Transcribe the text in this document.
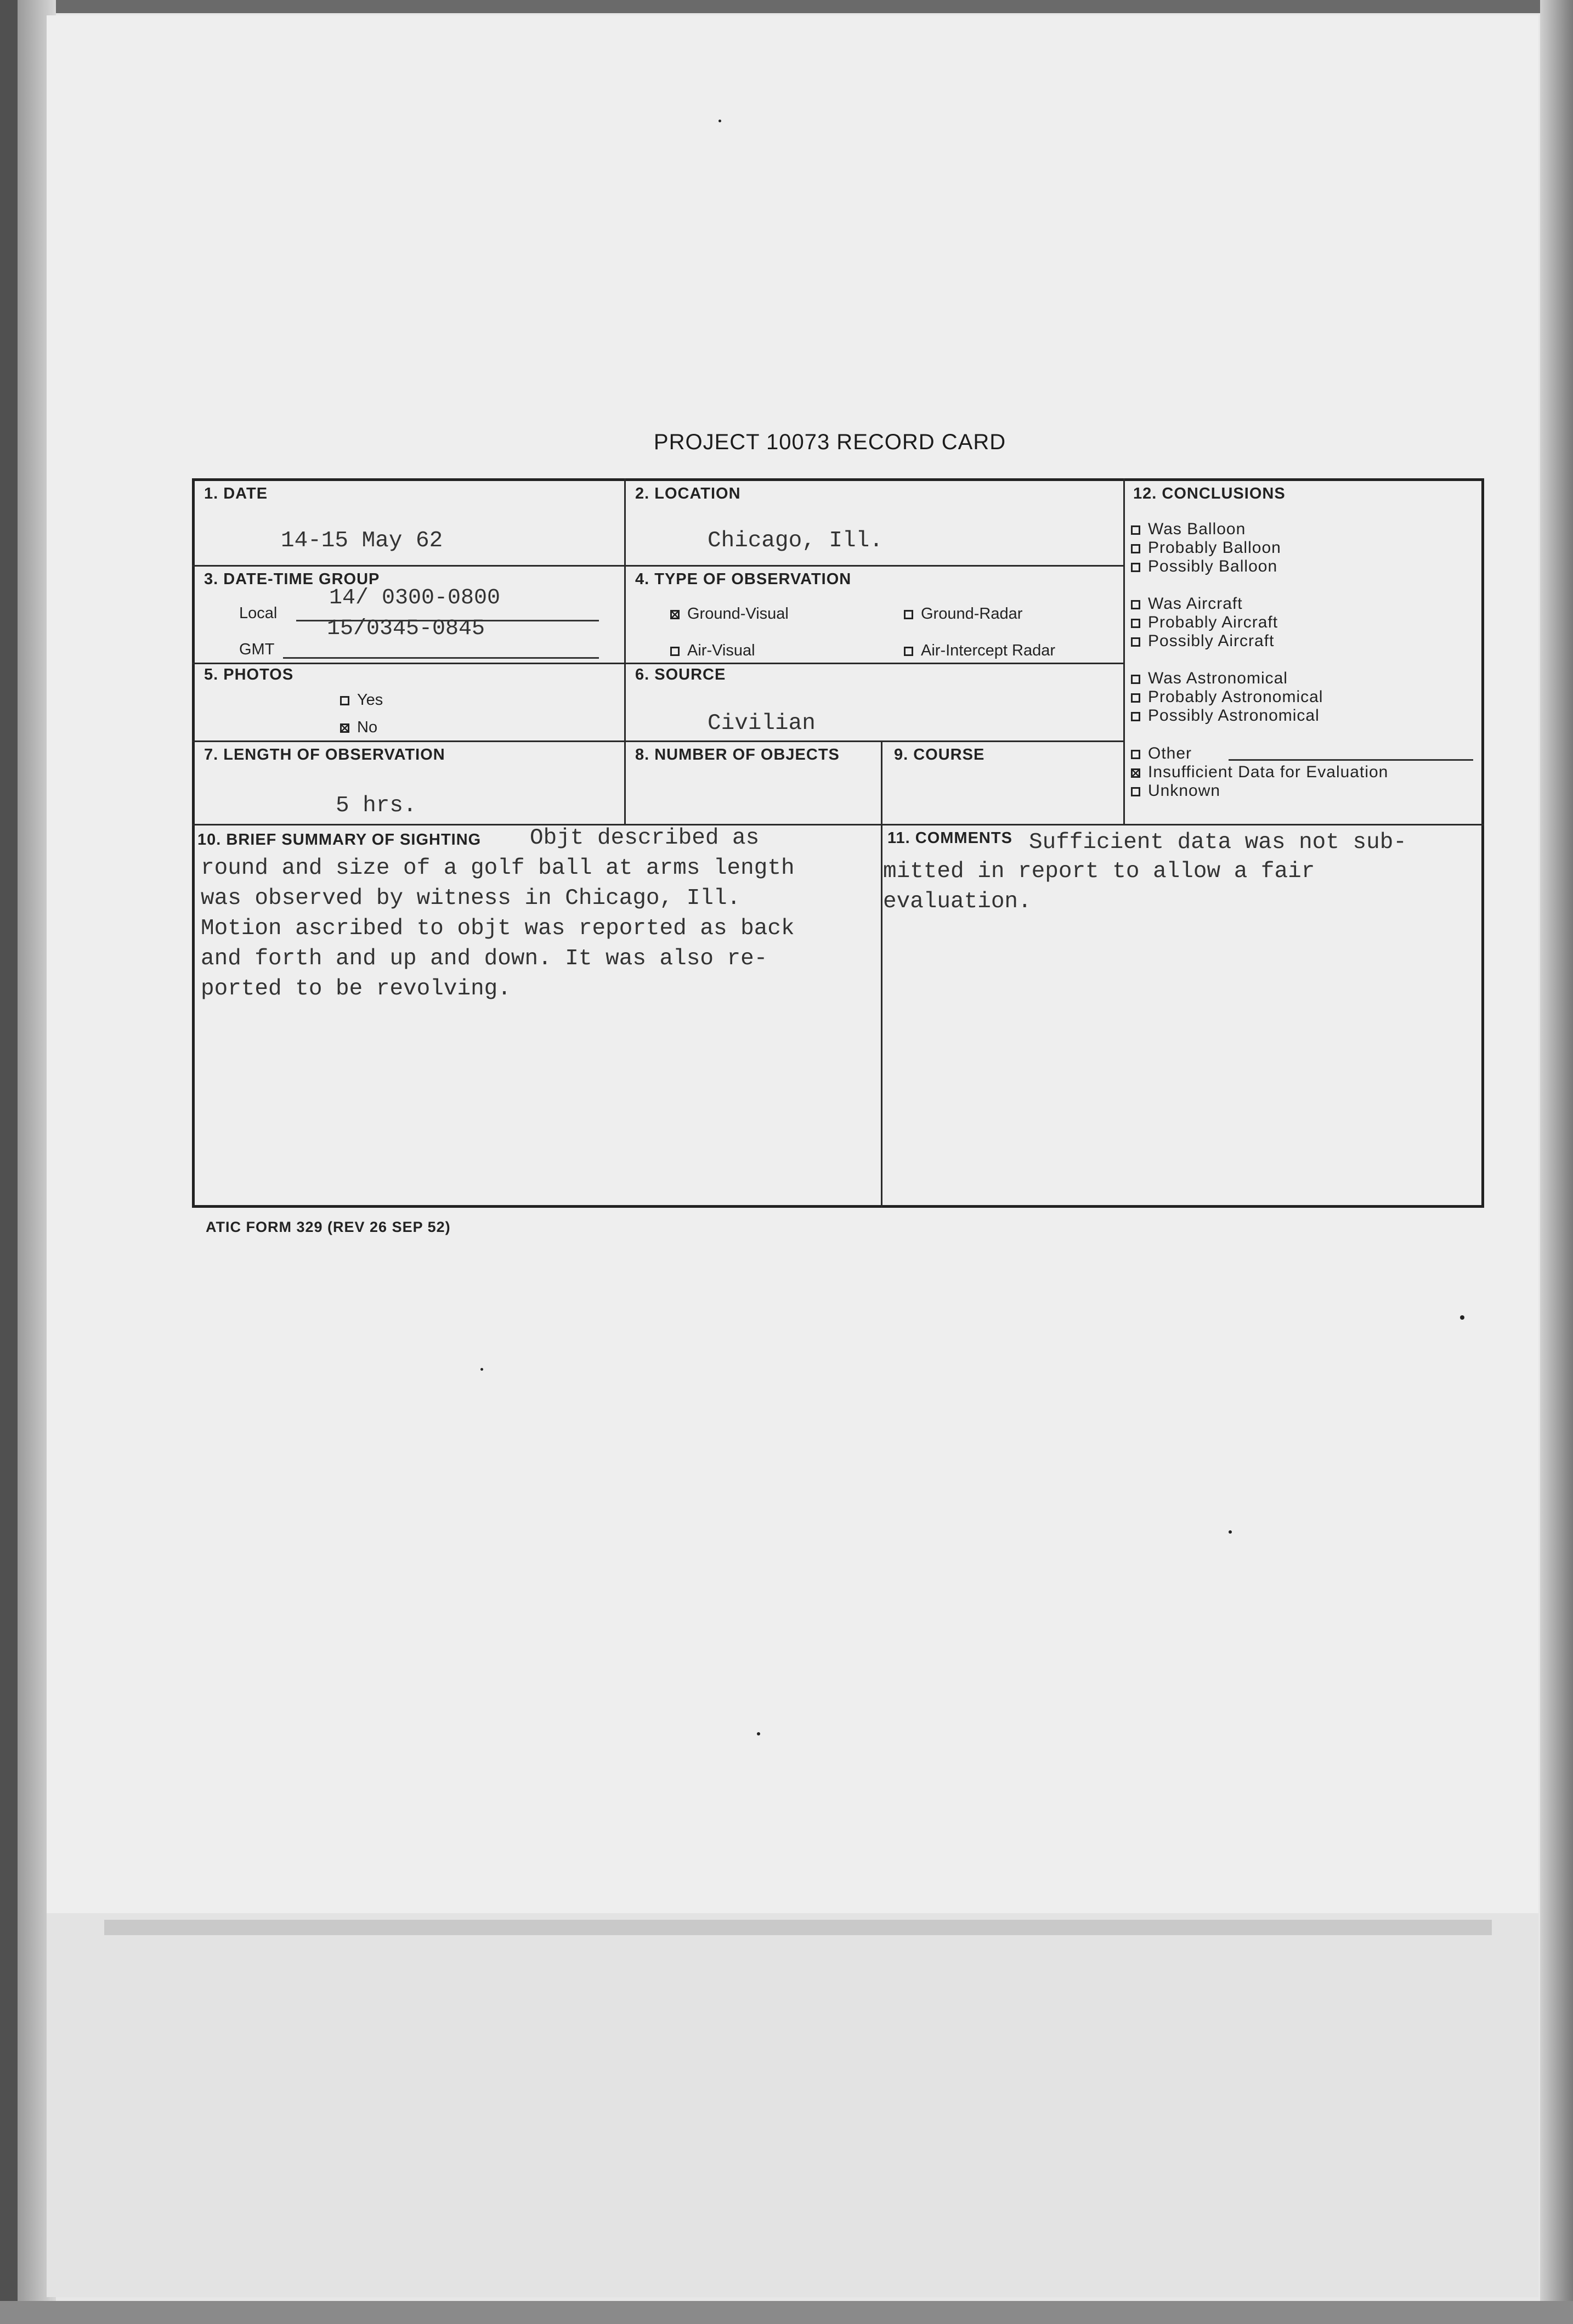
PROJECT 10073 RECORD CARD
1. DATE
14-15 May 62
2. LOCATION
Chicago, Ill.
3. DATE-TIME GROUP
Local
14/ 0300-0800
GMT
15/0345-0845
4. TYPE OF OBSERVATION
Ground-Visual	Ground-Radar
Air-Visual	Air-Intercept Radar
5. PHOTOS
Yes
No
6. SOURCE
Civilian
7. LENGTH OF OBSERVATION
5 hrs.
8. NUMBER OF OBJECTS	9. COURSE
12. CONCLUSIONS
Was Balloon
Probably Balloon
Possibly Balloon
Was Aircraft
Probably Aircraft
Possibly Aircraft
Was Astronomical
Probably Astronomical
Possibly Astronomical
Other
Insufficient Data for Evaluation
Unknown
10. BRIEF SUMMARY OF SIGHTING Objt described as
round and size of a golf ball at arms length
was observed by witness in Chicago, Ill.
Motion ascribed to objt was reported as back
and forth and up and down. It was also re-
ported to be revolving.
11. COMMENTS Sufficient data was not sub-
mitted in report to allow a fair
evaluation.
ATIC FORM 329 (REV 26 SEP 52)
